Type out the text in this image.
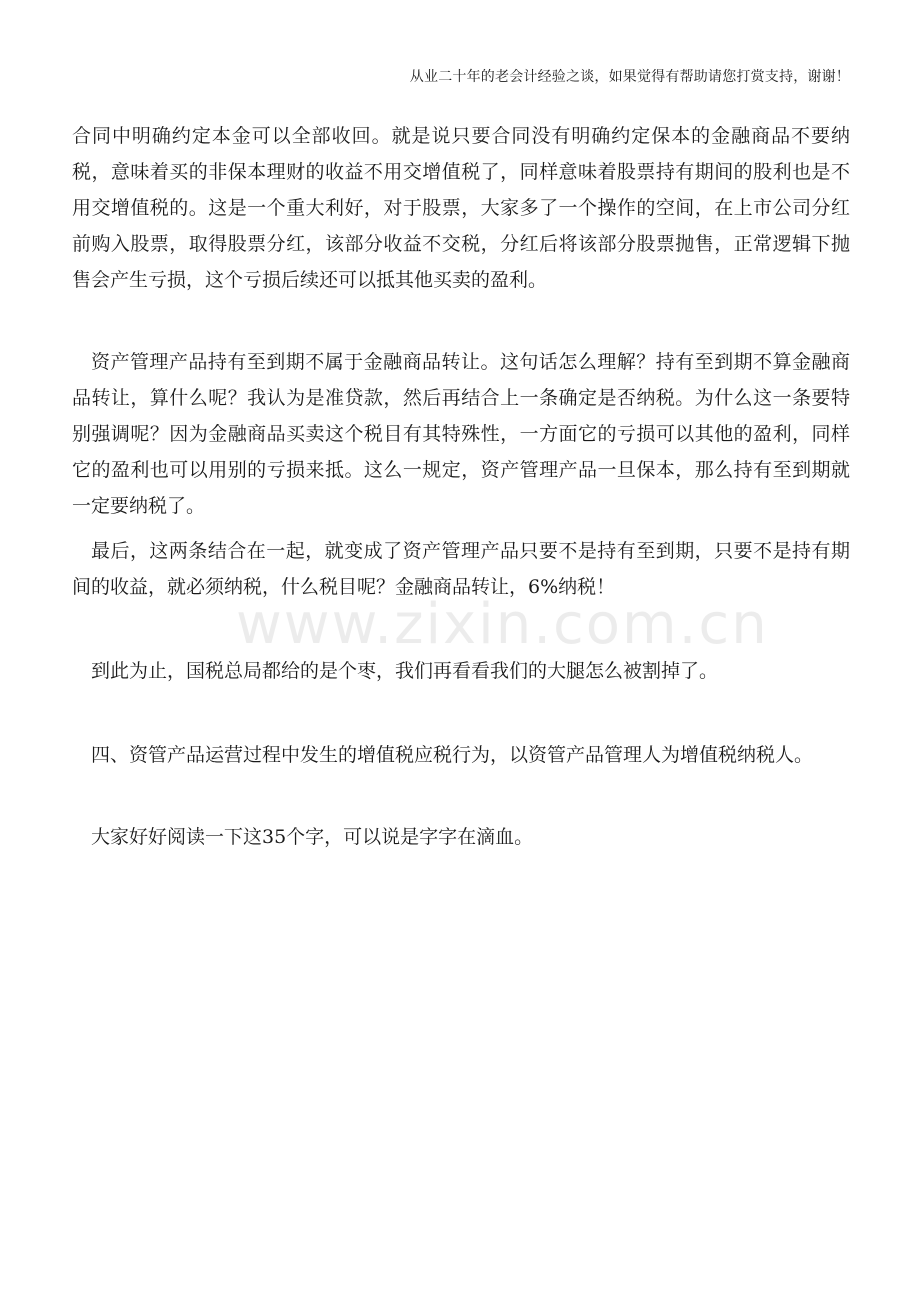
从业二十年的老会计经验之谈，如果觉得有帮助请您打赏支持，谢谢！
www.zixin.com.cn

合同中明确约定本金可以全部收回。就是说只要合同没有明确约定保本的金融商品不要纳税，意味着买的非保本理财的收益不用交增值税了，同样意味着股票持有期间的股利也是不用交增值税的。这是一个重大利好，对于股票，大家多了一个操作的空间，在上市公司分红前购入股票，取得股票分红，该部分收益不交税，分红后将该部分股票抛售，正常逻辑下抛售会产生亏损，这个亏损后续还可以抵其他买卖的盈利。

资产管理产品持有至到期不属于金融商品转让。这句话怎么理解？持有至到期不算金融商品转让，算什么呢？我认为是准贷款，然后再结合上一条确定是否纳税。为什么这一条要特别强调呢？因为金融商品买卖这个税目有其特殊性，一方面它的亏损可以其他的盈利，同样它的盈利也可以用别的亏损来抵。这么一规定，资产管理产品一旦保本，那么持有至到期就一定要纳税了。

最后，这两条结合在一起，就变成了资产管理产品只要不是持有至到期，只要不是持有期间的收益，就必须纳税，什么税目呢？金融商品转让，6%纳税！

到此为止，国税总局都给的是个枣，我们再看看我们的大腿怎么被割掉了。

四、资管产品运营过程中发生的增值税应税行为，以资管产品管理人为增值税纳税人。

大家好好阅读一下这35个字，可以说是字字在滴血。
